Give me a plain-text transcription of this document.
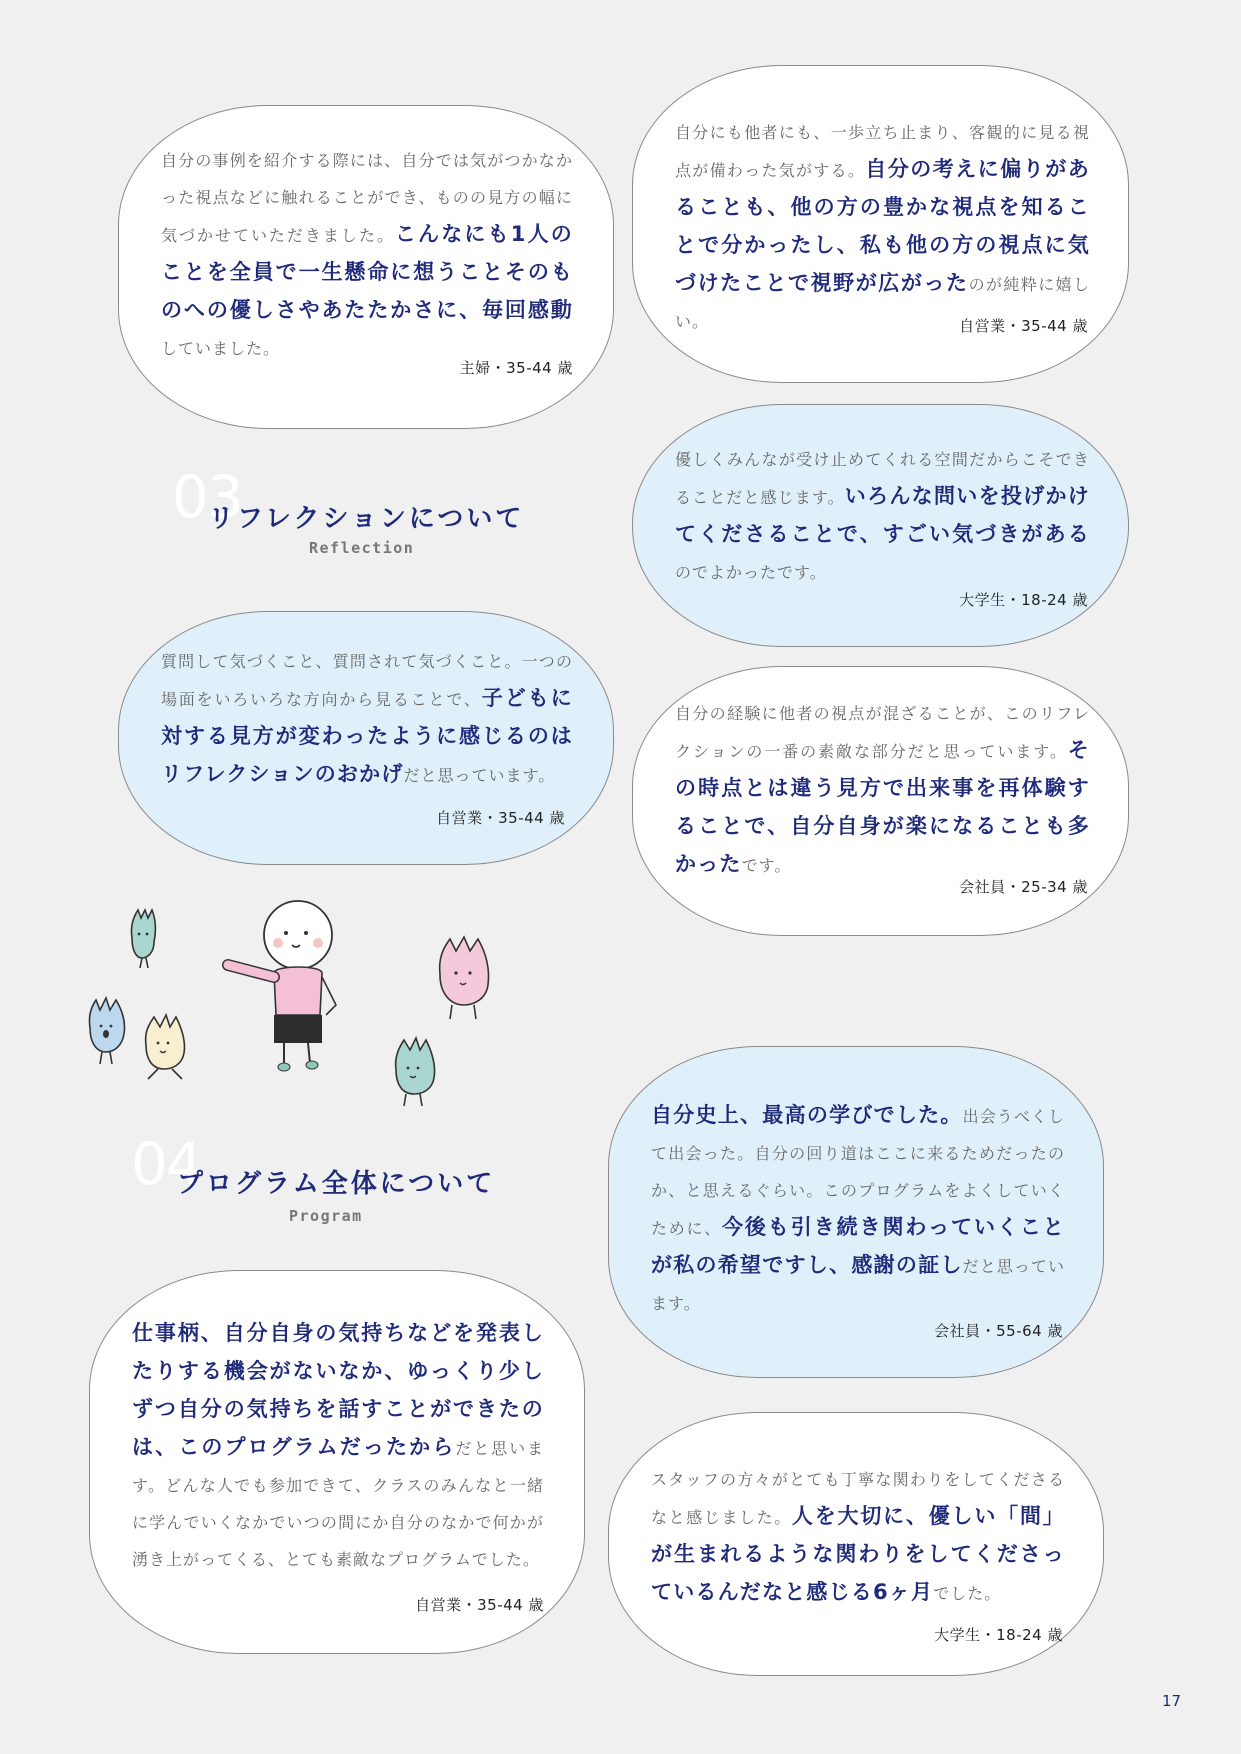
自分の事例を紹介する際には、自分では気がつかなかった視点などに触れることができ、ものの見方の幅に気づかせていただきました。こんなにも1人のことを全員で一生懸命に想うことそのものへの優しさやあたたかさに、毎回感動していました。

主婦・35-44 歳

自分にも他者にも、一歩立ち止まり、客観的に見る視点が備わった気がする。自分の考えに偏りがあることも、他の方の豊かな視点を知ることで分かったし、私も他の方の視点に気づけたことで視野が広がったのが純粋に嬉しい。	自営業・35-44 歳

優しくみんなが受け止めてくれる空間だからこそできることだと感じます。いろんな問いを投げかけてくださることで、すごい気づきがあるのでよかったです。

大学生・18-24 歳
03
リフレクションについて
Reflection

質問して気づくこと、質問されて気づくこと。一つの場面をいろいろな方向から見ることで、子どもに対する見方が変わったように感じるのはリフレクションのおかげだと思っています。

自営業・35-44 歳

自分の経験に他者の視点が混ざることが、このリフレクションの一番の素敵な部分だと思っています。その時点とは違う見方で出来事を再体験することで、自分自身が楽になることも多かったです。

会社員・25-34 歳
04
プログラム全体について
Program

自分史上、最高の学びでした。出会うべくして出会った。自分の回り道はここに来るためだったのか、と思えるぐらい。このプログラムをよくしていくために、今後も引き続き関わっていくことが私の希望ですし、感謝の証しだと思っています。

会社員・55-64 歳

仕事柄、自分自身の気持ちなどを発表したりする機会がないなか、ゆっくり少しずつ自分の気持ちを話すことができたのは、このプログラムだったからだと思います。どんな人でも参加できて、クラスのみんなと一緒に学んでいくなかでいつの間にか自分のなかで何かが湧き上がってくる、とても素敵なプログラムでした。

自営業・35-44 歳

スタッフの方々がとても丁寧な関わりをしてくださるなと感じました。人を大切に、優しい「間」が生まれるような関わりをしてくださっているんだなと感じる6ヶ月でした。

大学生・18-24 歳
17
